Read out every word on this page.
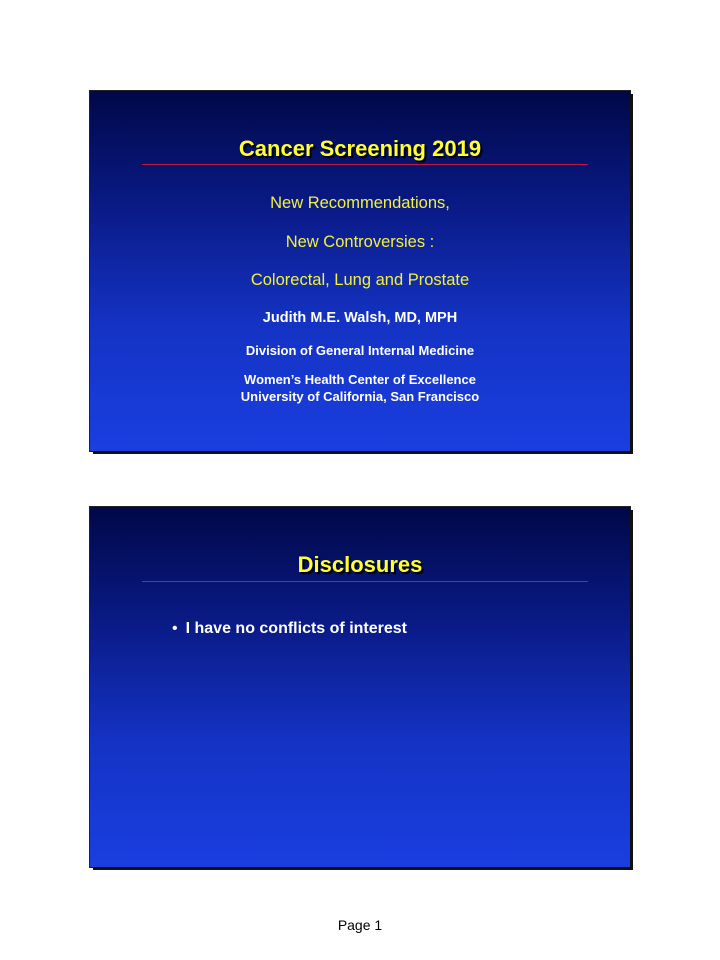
Cancer Screening 2019
New Recommendations,
New Controversies :
Colorectal, Lung and Prostate
Judith M.E. Walsh, MD, MPH
Division of General Internal Medicine
Women’s Health Center of Excellence
University of California, San Francisco
Disclosures
• I have no conflicts of interest
Page 1
